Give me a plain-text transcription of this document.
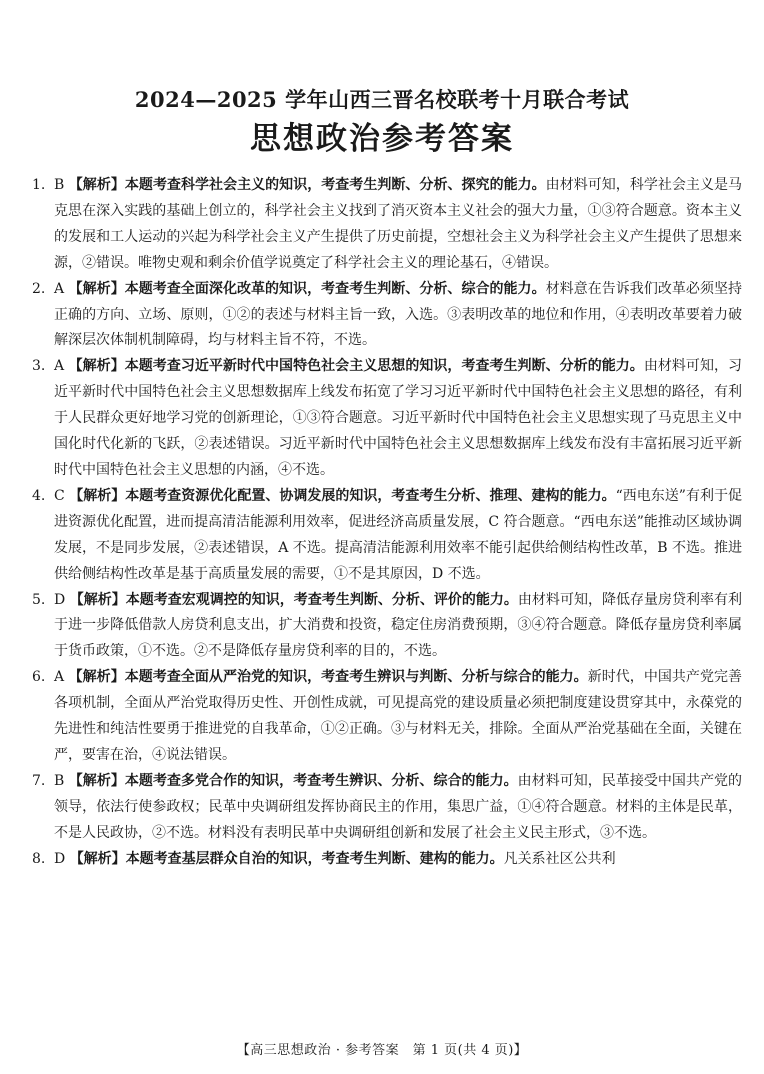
2024—2025 学年山西三晋名校联考十月联合考试
思想政治参考答案

1. B 【解析】本题考查科学社会主义的知识，考查考生判断、分析、探究的能力。由材料可知，科学社会主义是马克思在深入实践的基础上创立的，科学社会主义找到了消灭资本主义社会的强大力量，①③符合题意。资本主义的发展和工人运动的兴起为科学社会主义产生提供了历史前提，空想社会主义为科学社会主义产生提供了思想来源，②错误。唯物史观和剩余价值学说奠定了科学社会主义的理论基石，④错误。

2. A 【解析】本题考查全面深化改革的知识，考查考生判断、分析、综合的能力。材料意在告诉我们改革必须坚持正确的方向、立场、原则，①②的表述与材料主旨一致，入选。③表明改革的地位和作用，④表明改革要着力破解深层次体制机制障碍，均与材料主旨不符，不选。

3. A 【解析】本题考查习近平新时代中国特色社会主义思想的知识，考查考生判断、分析的能力。由材料可知，习近平新时代中国特色社会主义思想数据库上线发布拓宽了学习习近平新时代中国特色社会主义思想的路径，有利于人民群众更好地学习党的创新理论，①③符合题意。习近平新时代中国特色社会主义思想实现了马克思主义中国化时代化新的飞跃，②表述错误。习近平新时代中国特色社会主义思想数据库上线发布没有丰富拓展习近平新时代中国特色社会主义思想的内涵，④不选。

4. C 【解析】本题考查资源优化配置、协调发展的知识，考查考生分析、推理、建构的能力。“西电东送”有利于促进资源优化配置，进而提高清洁能源利用效率，促进经济高质量发展，C 符合题意。“西电东送”能推动区域协调发展，不是同步发展，②表述错误，A 不选。提高清洁能源利用效率不能引起供给侧结构性改革，B 不选。推进供给侧结构性改革是基于高质量发展的需要，①不是其原因，D 不选。

5. D 【解析】本题考查宏观调控的知识，考查考生判断、分析、评价的能力。由材料可知，降低存量房贷利率有利于进一步降低借款人房贷利息支出，扩大消费和投资，稳定住房消费预期，③④符合题意。降低存量房贷利率属于货币政策，①不选。②不是降低存量房贷利率的目的，不选。

6. A 【解析】本题考查全面从严治党的知识，考查考生辨识与判断、分析与综合的能力。新时代，中国共产党完善各项机制，全面从严治党取得历史性、开创性成就，可见提高党的建设质量必须把制度建设贯穿其中，永葆党的先进性和纯洁性要勇于推进党的自我革命，①②正确。③与材料无关，排除。全面从严治党基础在全面，关键在严，要害在治，④说法错误。

7. B 【解析】本题考查多党合作的知识，考查考生辨识、分析、综合的能力。由材料可知，民革接受中国共产党的领导，依法行使参政权；民革中央调研组发挥协商民主的作用，集思广益，①④符合题意。材料的主体是民革，不是人民政协，②不选。材料没有表明民革中央调研组创新和发展了社会主义民主形式，③不选。

8. D 【解析】本题考查基层群众自治的知识，考查考生判断、建构的能力。凡关系社区公共利

【高三思想政治 · 参考答案　第 1 页(共 4 页)】
